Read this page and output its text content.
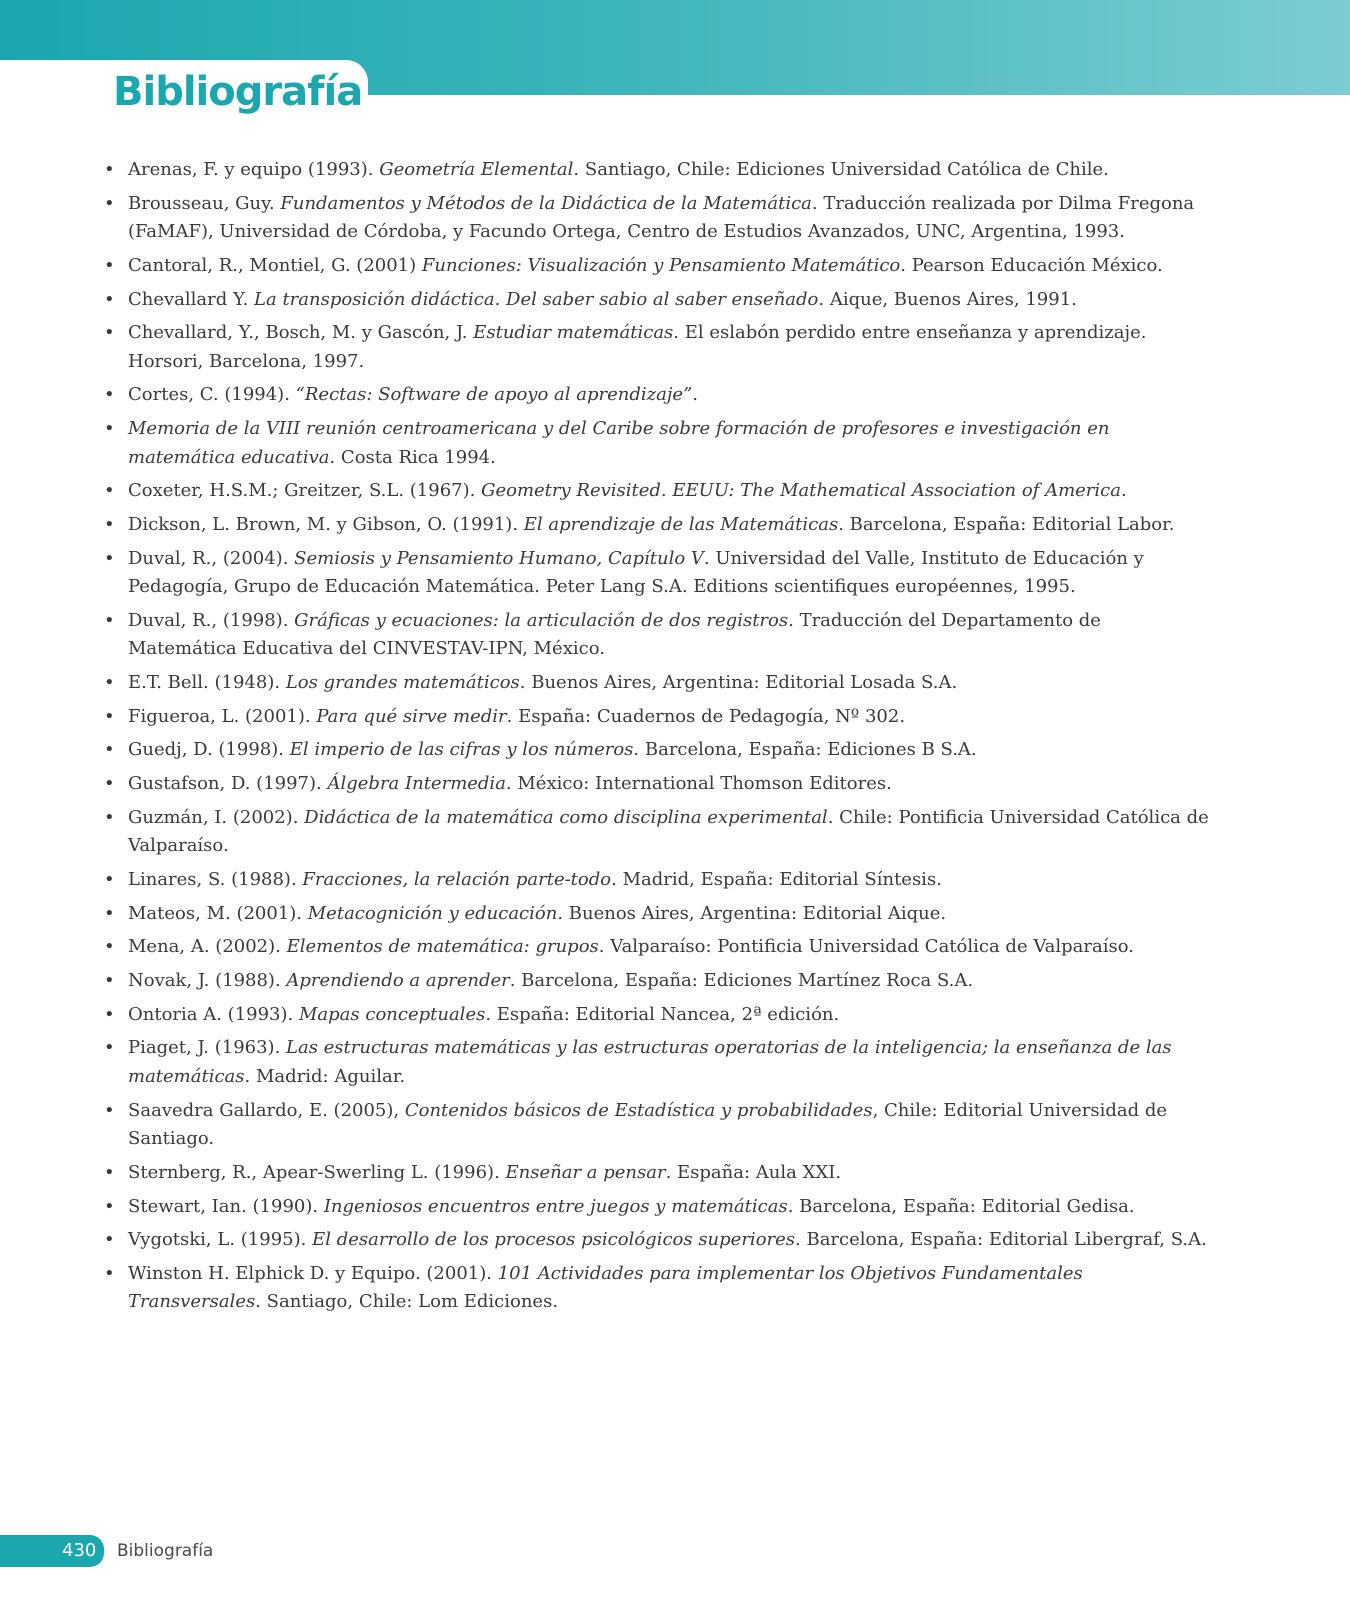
Bibliografía
• Arenas, F. y equipo (1993). Geometría Elemental. Santiago, Chile: Ediciones Universidad Católica de Chile.
• Brousseau, Guy. Fundamentos y Métodos de la Didáctica de la Matemática. Traducción realizada por Dilma Fregona (FaMAF), Universidad de Córdoba, y Facundo Ortega, Centro de Estudios Avanzados, UNC, Argentina, 1993.
• Cantoral, R., Montiel, G. (2001) Funciones: Visualización y Pensamiento Matemático. Pearson Educación México.
• Chevallard Y. La transposición didáctica. Del saber sabio al saber enseñado. Aique, Buenos Aires, 1991.
• Chevallard, Y., Bosch, M. y Gascón, J. Estudiar matemáticas. El eslabón perdido entre enseñanza y aprendizaje. Horsori, Barcelona, 1997.
• Cortes, C. (1994). “Rectas: Software de apoyo al aprendizaje”.
• Memoria de la VIII reunión centroamericana y del Caribe sobre formación de profesores e investigación en matemática educativa. Costa Rica 1994.
• Coxeter, H.S.M.; Greitzer, S.L. (1967). Geometry Revisited. EEUU: The Mathematical Association of America.
• Dickson, L. Brown, M. y Gibson, O. (1991). El aprendizaje de las Matemáticas. Barcelona, España: Editorial Labor.
• Duval, R., (2004). Semiosis y Pensamiento Humano, Capítulo V. Universidad del Valle, Instituto de Educación y Pedagogía, Grupo de Educación Matemática. Peter Lang S.A. Editions scientifiques européennes, 1995.
• Duval, R., (1998). Gráficas y ecuaciones: la articulación de dos registros. Traducción del Departamento de Matemática Educativa del CINVESTAV-IPN, México.
• E.T. Bell. (1948). Los grandes matemáticos. Buenos Aires, Argentina: Editorial Losada S.A.
• Figueroa, L. (2001). Para qué sirve medir. España: Cuadernos de Pedagogía, Nº 302.
• Guedj, D. (1998). El imperio de las cifras y los números. Barcelona, España: Ediciones B S.A.
• Gustafson, D. (1997). Álgebra Intermedia. México: International Thomson Editores.
• Guzmán, I. (2002). Didáctica de la matemática como disciplina experimental. Chile: Pontificia Universidad Católica de Valparaíso.
• Linares, S. (1988). Fracciones, la relación parte-todo. Madrid, España: Editorial Síntesis.
• Mateos, M. (2001). Metacognición y educación. Buenos Aires, Argentina: Editorial Aique.
• Mena, A. (2002). Elementos de matemática: grupos. Valparaíso: Pontificia Universidad Católica de Valparaíso.
• Novak, J. (1988). Aprendiendo a aprender. Barcelona, España: Ediciones Martínez Roca S.A.
• Ontoria A. (1993). Mapas conceptuales. España: Editorial Nancea, 2ª edición.
• Piaget, J. (1963). Las estructuras matemáticas y las estructuras operatorias de la inteligencia; la enseñanza de las matemáticas. Madrid: Aguilar.
• Saavedra Gallardo, E. (2005), Contenidos básicos de Estadística y probabilidades, Chile: Editorial Universidad de Santiago.
• Sternberg, R., Apear-Swerling L. (1996). Enseñar a pensar. España: Aula XXI.
• Stewart, Ian. (1990). Ingeniosos encuentros entre juegos y matemáticas. Barcelona, España: Editorial Gedisa.
• Vygotski, L. (1995). El desarrollo de los procesos psicológicos superiores. Barcelona, España: Editorial Libergraf, S.A.
• Winston H. Elphick D. y Equipo. (2001). 101 Actividades para implementar los Objetivos Fundamentales Transversales. Santiago, Chile: Lom Ediciones.
430 Bibliografía
